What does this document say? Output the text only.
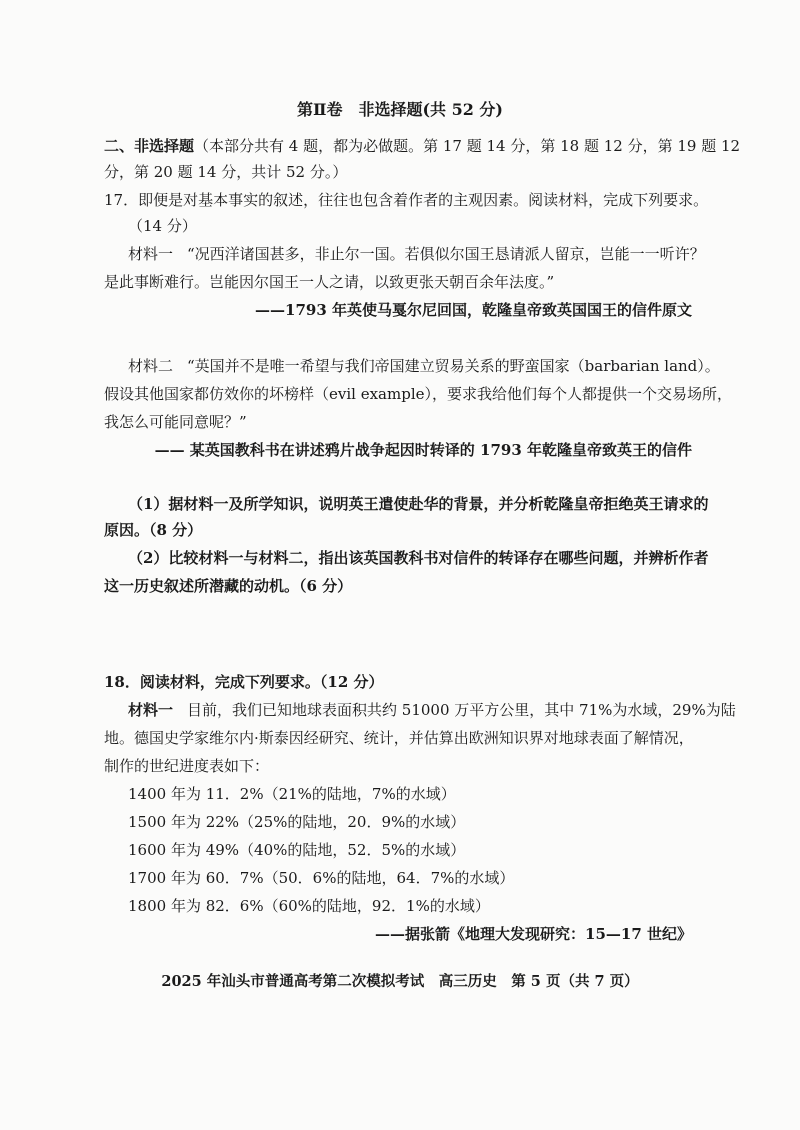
第Ⅱ卷　非选择题(共 52 分)
二、非选择题（本部分共有 4 题，都为必做题。第 17 题 14 分，第 18 题 12 分，第 19 题 12
分，第 20 题 14 分，共计 52 分。）
17．即便是对基本事实的叙述，往往也包含着作者的主观因素。阅读材料，完成下列要求。
（14 分）
材料一 “况西洋诸国甚多，非止尔一国。若俱似尔国王恳请派人留京，岂能一一听许？
是此事断难行。岂能因尔国王一人之请，以致更张天朝百余年法度。”
——1793 年英使马戛尔尼回国，乾隆皇帝致英国国王的信件原文
材料二 “英国并不是唯一希望与我们帝国建立贸易关系的野蛮国家（barbarian land）。
假设其他国家都仿效你的坏榜样（evil example），要求我给他们每个人都提供一个交易场所，
我怎么可能同意呢？”
—— 某英国教科书在讲述鸦片战争起因时转译的 1793 年乾隆皇帝致英王的信件
（1）据材料一及所学知识，说明英王遣使赴华的背景，并分析乾隆皇帝拒绝英王请求的
原因。（8 分）
（2）比较材料一与材料二，指出该英国教科书对信件的转译存在哪些问题，并辨析作者
这一历史叙述所潜藏的动机。（6 分）
18．阅读材料，完成下列要求。（12 分）
材料一 目前，我们已知地球表面积共约 51000 万平方公里，其中 71%为水域，29%为陆
地。德国史学家维尔内·斯泰因经研究、统计，并估算出欧洲知识界对地球表面了解情况，
制作的世纪进度表如下：
1400 年为 11．2%（21%的陆地，7%的水域）
1500 年为 22%（25%的陆地，20．9%的水域）
1600 年为 49%（40%的陆地，52．5%的水域）
1700 年为 60．7%（50．6%的陆地，64．7%的水域）
1800 年为 82．6%（60%的陆地，92．1%的水域）
——据张箭《地理大发现研究：15—17 世纪》
2025 年汕头市普通高考第二次模拟考试　高三历史　第 5 页（共 7 页）
